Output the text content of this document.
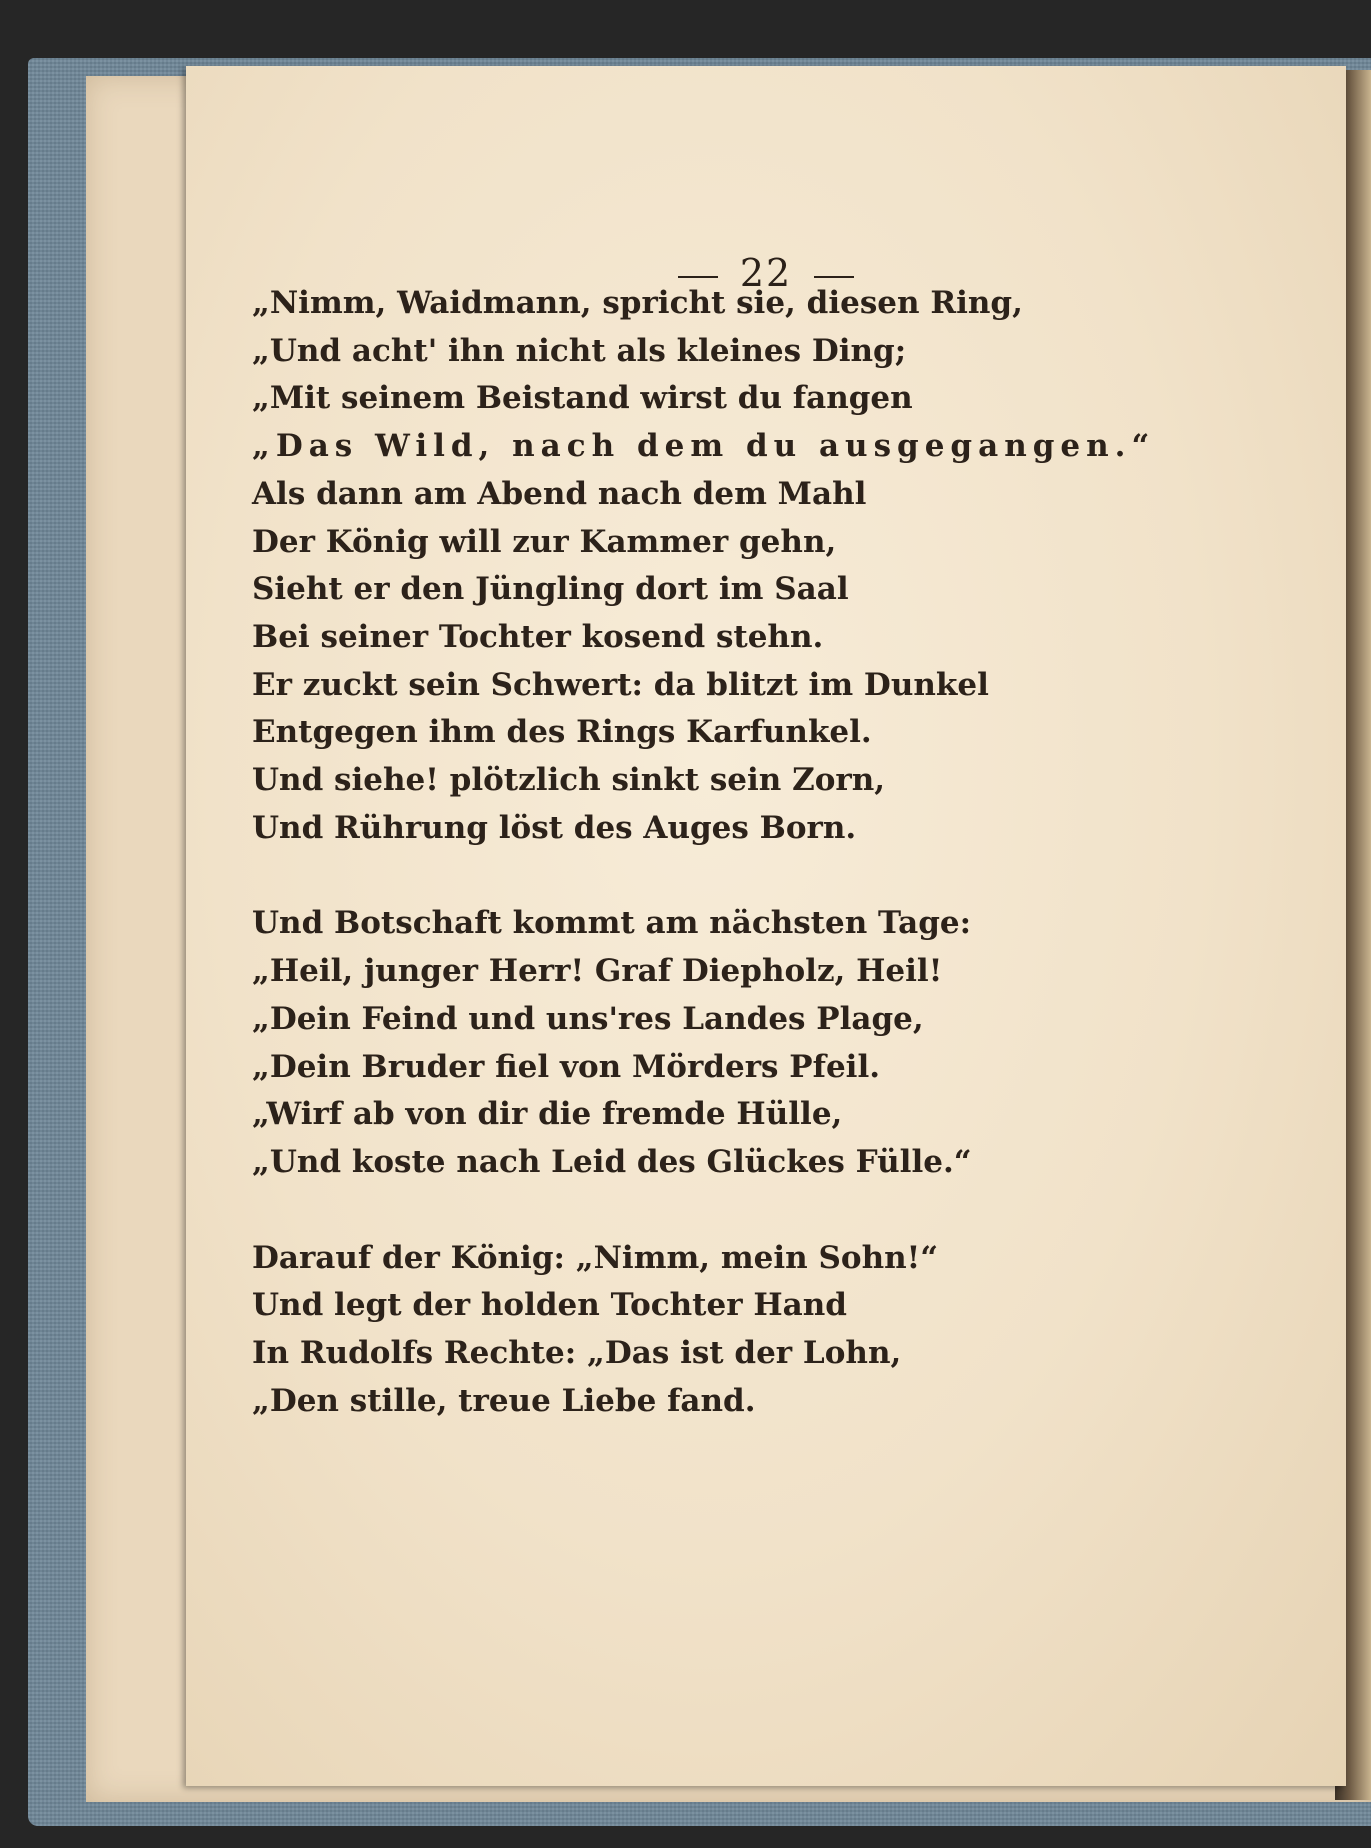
22
„Nimm, Waidmann, spricht sie, diesen Ring,
„Und acht' ihn nicht als kleines Ding;
„Mit seinem Beistand wirst du fangen
„Das Wild, nach dem du ausgegangen.“
Als dann am Abend nach dem Mahl
Der König will zur Kammer gehn,
Sieht er den Jüngling dort im Saal
Bei seiner Tochter kosend stehn.
Er zuckt sein Schwert: da blitzt im Dunkel
Entgegen ihm des Rings Karfunkel.
Und siehe! plötzlich sinkt sein Zorn,
Und Rührung löst des Auges Born.
Und Botschaft kommt am nächsten Tage:
„Heil, junger Herr! Graf Diepholz, Heil!
„Dein Feind und uns'res Landes Plage,
„Dein Bruder fiel von Mörders Pfeil.
„Wirf ab von dir die fremde Hülle,
„Und koste nach Leid des Glückes Fülle.“
Darauf der König: „Nimm, mein Sohn!“
Und legt der holden Tochter Hand
In Rudolfs Rechte: „Das ist der Lohn,
„Den stille, treue Liebe fand.
